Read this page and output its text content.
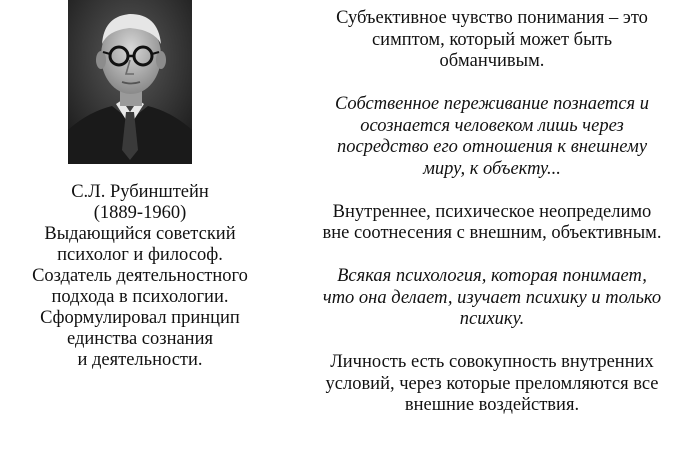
С.Л. Рубинштейн
(1889-1960)
Выдающийся советский
психолог и философ.
Создатель деятельностного
подхода в психологии.
Сформулировал принцип
единства сознания
и деятельности.

Субъективное чувство понимания – это
симптом, который может быть
обманчивым.

Собственное переживание познается и
осознается человеком лишь через
посредство его отношения к внешнему
миру, к объекту...

Внутреннее, психическое неопределимо
вне соотнесения с внешним, объективным.

Всякая психология, которая понимает,
что она делает, изучает психику и только
психику.

Личность есть совокупность внутренних
условий, через которые преломляются все
внешние воздействия.
